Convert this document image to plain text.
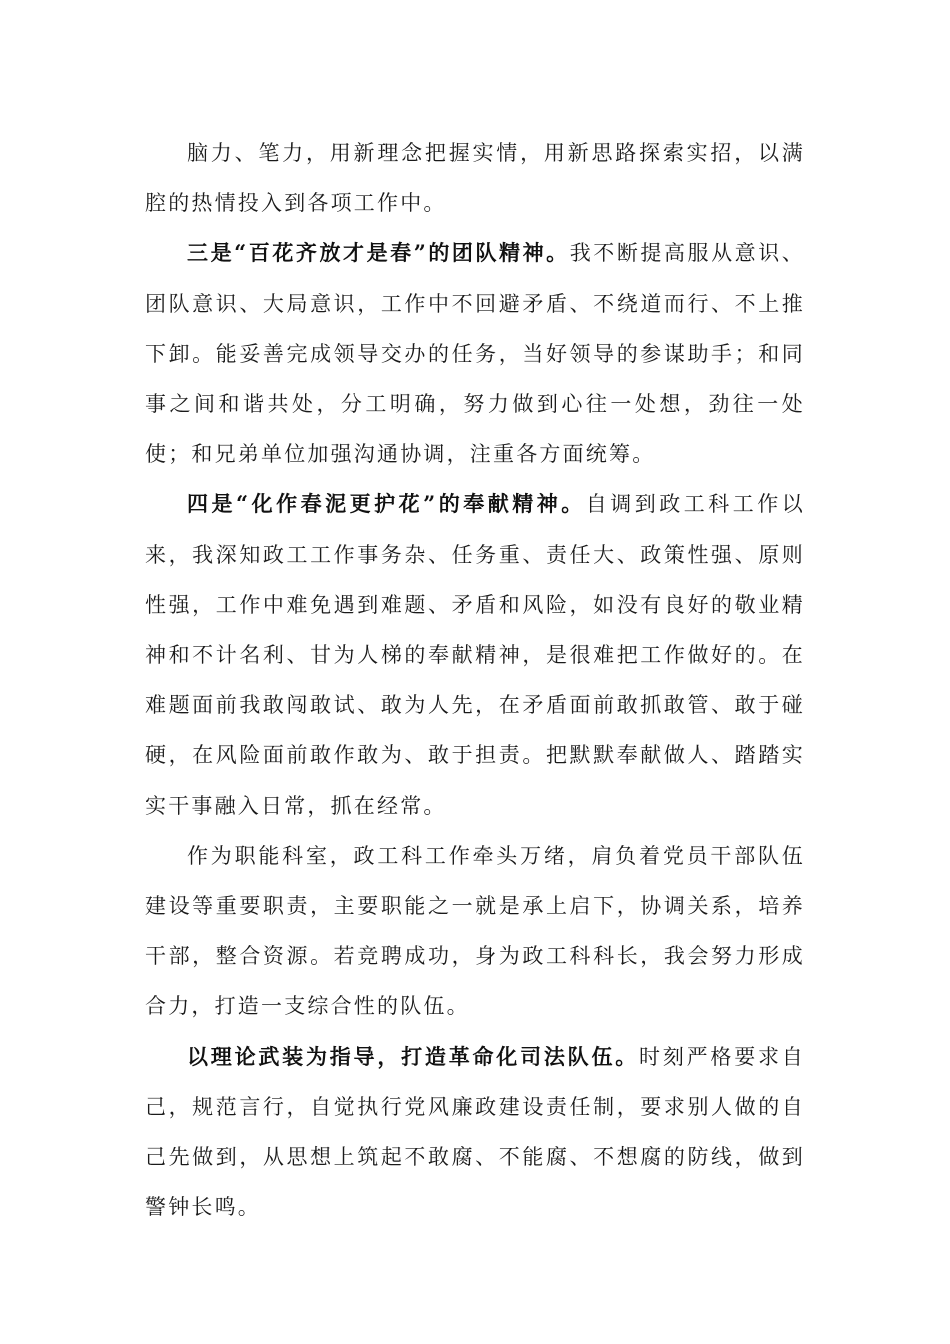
脑力、笔力，用新理念把握实情，用新思路探索实招，以满腔的热情投入到各项工作中。

三是“百花齐放才是春”的团队精神。我不断提高服从意识、团队意识、大局意识，工作中不回避矛盾、不绕道而行、不上推下卸。能妥善完成领导交办的任务，当好领导的参谋助手；和同事之间和谐共处，分工明确，努力做到心往一处想，劲往一处使；和兄弟单位加强沟通协调，注重各方面统筹。

四是“化作春泥更护花”的奉献精神。自调到政工科工作以来，我深知政工工作事务杂、任务重、责任大、政策性强、原则性强，工作中难免遇到难题、矛盾和风险，如没有良好的敬业精神和不计名利、甘为人梯的奉献精神，是很难把工作做好的。在难题面前我敢闯敢试、敢为人先，在矛盾面前敢抓敢管、敢于碰硬，在风险面前敢作敢为、敢于担责。把默默奉献做人、踏踏实实干事融入日常，抓在经常。

作为职能科室，政工科工作牵头万绪，肩负着党员干部队伍建设等重要职责，主要职能之一就是承上启下，协调关系，培养干部，整合资源。若竞聘成功，身为政工科科长，我会努力形成合力，打造一支综合性的队伍。

以理论武装为指导，打造革命化司法队伍。时刻严格要求自己，规范言行，自觉执行党风廉政建设责任制，要求别人做的自己先做到，从思想上筑起不敢腐、不能腐、不想腐的防线，做到警钟长鸣。
